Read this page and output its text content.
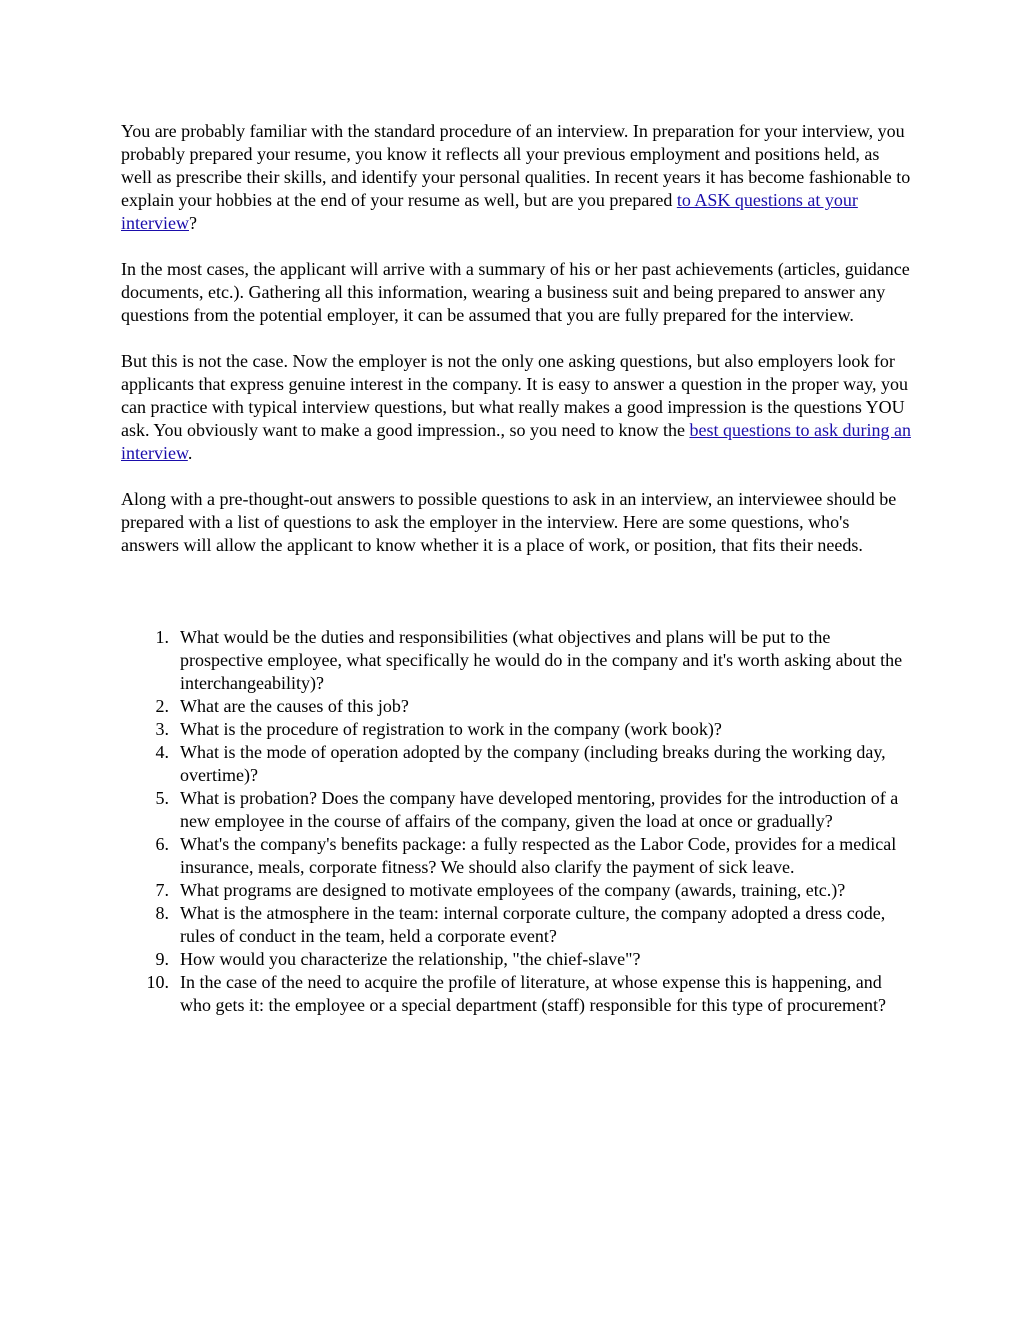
You are probably familiar with the standard procedure of an interview. In preparation for your interview, you probably prepared your resume, you know it reflects all your previous employment and positions held, as well as prescribe their skills, and identify your personal qualities. In recent years it has become fashionable to explain your hobbies at the end of your resume as well, but are you prepared to ASK questions at your interview?

In the most cases, the applicant will arrive with a summary of his or her past achievements (articles, guidance documents, etc.). Gathering all this information, wearing a business suit and being prepared to answer any questions from the potential employer, it can be assumed that you are fully prepared for the interview.

But this is not the case. Now the employer is not the only one asking questions, but also employers look for applicants that express genuine interest in the company. It is easy to answer a question in the proper way, you can practice with typical interview questions, but what really makes a good impression is the questions YOU ask. You obviously want to make a good impression., so you need to know the best questions to ask during an interview.

Along with a pre-thought-out answers to possible questions to ask in an interview, an interviewee should be prepared with a list of questions to ask the employer in the interview. Here are some questions, who's answers will allow the applicant to know whether it is a place of work, or position, that fits their needs.

1. What would be the duties and responsibilities (what objectives and plans will be put to the prospective employee, what specifically he would do in the company and it's worth asking about the interchangeability)?
2. What are the causes of this job?
3. What is the procedure of registration to work in the company (work book)?
4. What is the mode of operation adopted by the company (including breaks during the working day, overtime)?
5. What is probation? Does the company have developed mentoring, provides for the introduction of a new employee in the course of affairs of the company, given the load at once or gradually?
6. What's the company's benefits package: a fully respected as the Labor Code, provides for a medical insurance, meals, corporate fitness? We should also clarify the payment of sick leave.
7. What programs are designed to motivate employees of the company (awards, training, etc.)?
8. What is the atmosphere in the team: internal corporate culture, the company adopted a dress code, rules of conduct in the team, held a corporate event?
9. How would you characterize the relationship, "the chief-slave"?
10. In the case of the need to acquire the profile of literature, at whose expense this is happening, and who gets it: the employee or a special department (staff) responsible for this type of procurement?
